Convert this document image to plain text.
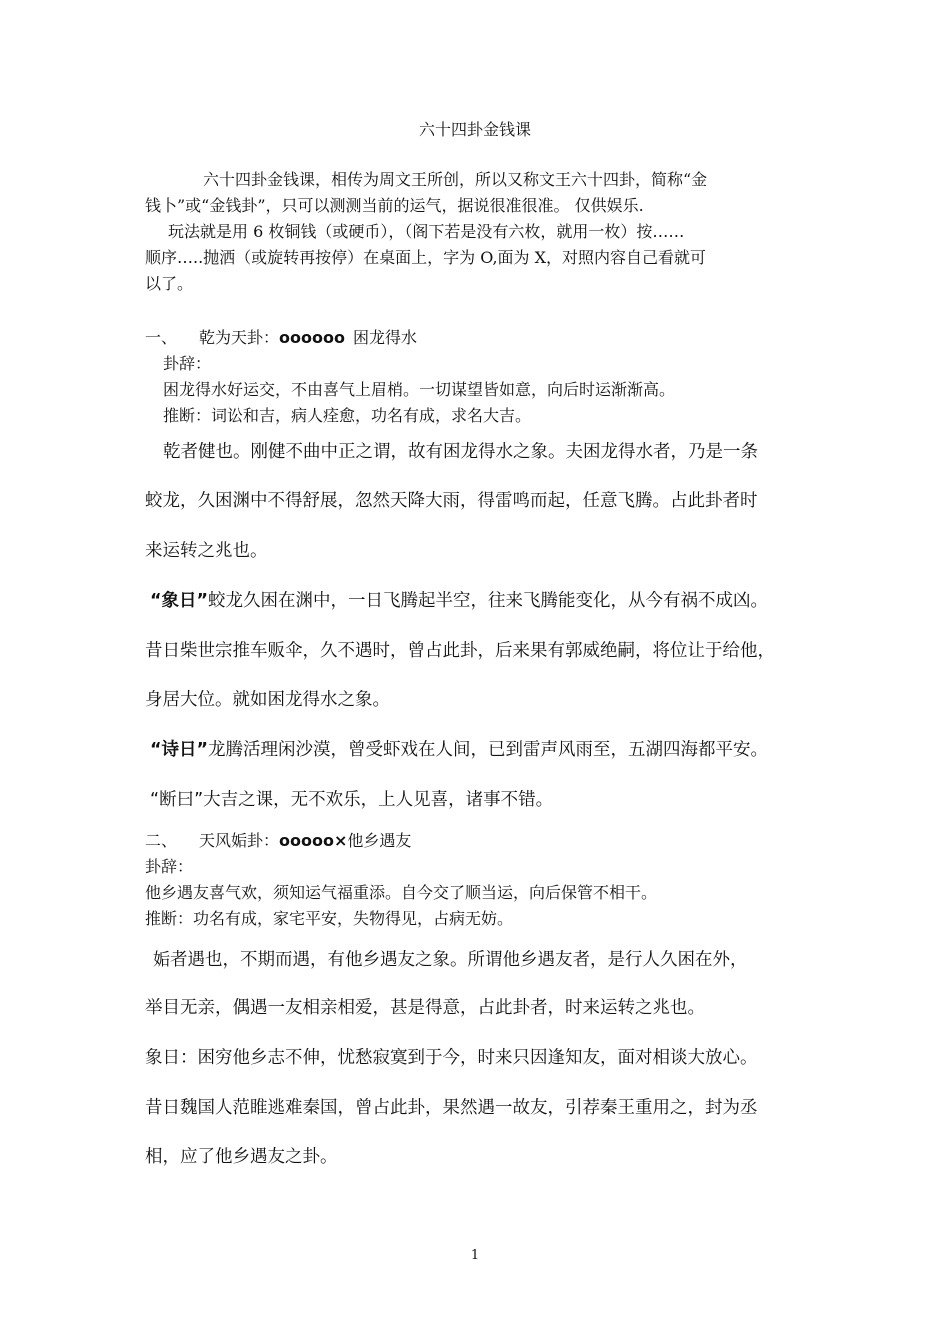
六十四卦金钱课
六十四卦金钱课，相传为周文王所创，所以又称文王六十四卦，简称“金
钱卜”或“金钱卦”，只可以测测当前的运气，据说很准很准。 仅供娱乐.
玩法就是用 6 枚铜钱（或硬币），（阁下若是没有六枚，就用一枚）按……
顺序…..抛洒（或旋转再按停）在桌面上，字为 O,面为 X，对照内容自己看就可
以了。
一、 乾为天卦：oooooo 困龙得水
卦辞：
困龙得水好运交，不由喜气上眉梢。一切谋望皆如意，向后时运渐渐高。
推断：词讼和吉，病人痊愈，功名有成，求名大吉。
乾者健也。刚健不曲中正之谓，故有困龙得水之象。夫困龙得水者，乃是一条
蛟龙，久困渊中不得舒展，忽然天降大雨，得雷鸣而起，任意飞腾。占此卦者时
来运转之兆也。
“象日”蛟龙久困在渊中，一日飞腾起半空，往来飞腾能变化，从今有祸不成凶。
昔日柴世宗推车贩伞，久不遇时，曾占此卦，后来果有郭威绝嗣，将位让于给他，
身居大位。就如困龙得水之象。
“诗日”龙腾活理闲沙漠，曾受虾戏在人间，已到雷声风雨至，五湖四海都平安。
“断曰”大吉之课，无不欢乐，上人见喜，诸事不错。
二、 天风姤卦：ooooo×他乡遇友
卦辞：
他乡遇友喜气欢，须知运气福重添。自今交了顺当运，向后保管不相干。
推断：功名有成，家宅平安，失物得见，占病无妨。
姤者遇也，不期而遇，有他乡遇友之象。所谓他乡遇友者，是行人久困在外，
举目无亲，偶遇一友相亲相爱，甚是得意，占此卦者，时来运转之兆也。
象日：困穷他乡志不伸，忧愁寂寞到于今，时来只因逢知友，面对相谈大放心。
昔日魏国人范睢逃难秦国，曾占此卦，果然遇一故友，引荐秦王重用之，封为丞
相，应了他乡遇友之卦。
1
